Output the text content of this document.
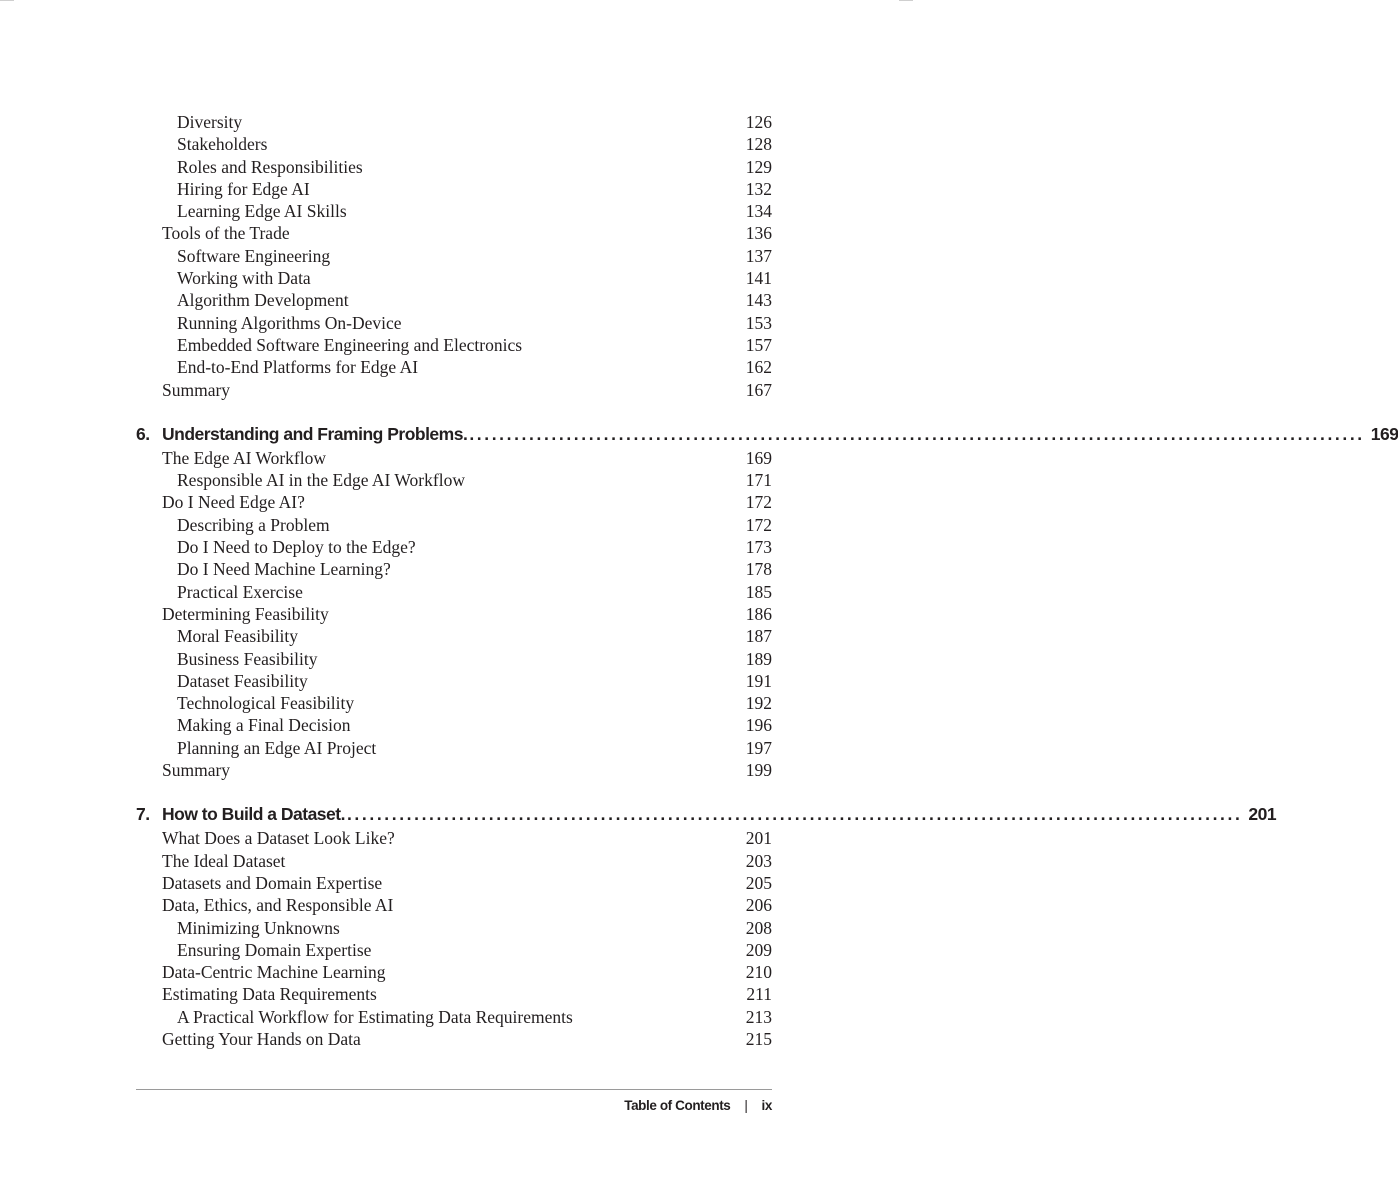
Diversity	126
Stakeholders	128
Roles and Responsibilities	129
Hiring for Edge AI	132
Learning Edge AI Skills	134
Tools of the Trade	136
Software Engineering	137
Working with Data	141
Algorithm Development	143
Running Algorithms On-Device	153
Embedded Software Engineering and Electronics	157
End-to-End Platforms for Edge AI	162
Summary	167
6. Understanding and Framing Problems. ........................................................................................................................ 169
The Edge AI Workflow	169
Responsible AI in the Edge AI Workflow	171
Do I Need Edge AI?	172
Describing a Problem	172
Do I Need to Deploy to the Edge?	173
Do I Need Machine Learning?	178
Practical Exercise	185
Determining Feasibility	186
Moral Feasibility	187
Business Feasibility	189
Dataset Feasibility	191
Technological Feasibility	192
Making a Final Decision	196
Planning an Edge AI Project	197
Summary	199
7. How to Build a Dataset. ........................................................................................................................ 201
What Does a Dataset Look Like?	201
The Ideal Dataset	203
Datasets and Domain Expertise	205
Data, Ethics, and Responsible AI	206
Minimizing Unknowns	208
Ensuring Domain Expertise	209
Data-Centric Machine Learning	210
Estimating Data Requirements	211
A Practical Workflow for Estimating Data Requirements	213
Getting Your Hands on Data	215
Table of Contents | ix
